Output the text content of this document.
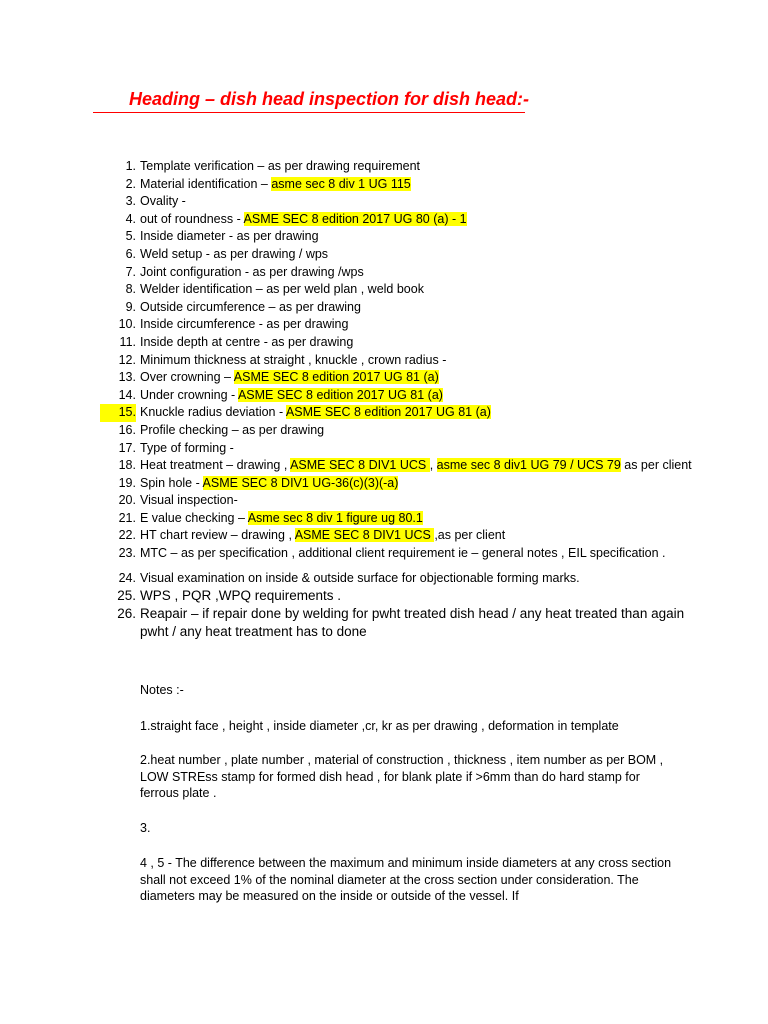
Heading – dish head inspection for dish head:-
1. Template verification – as per drawing requirement
2. Material identification – asme sec 8 div 1 UG 115
3. Ovality -
4. out of roundness - ASME SEC 8 edition 2017 UG 80 (a) - 1
5. Inside diameter - as per drawing
6. Weld setup - as per drawing / wps
7. Joint configuration - as per drawing /wps
8. Welder identification – as per weld plan , weld book
9. Outside circumference – as per drawing
10. Inside circumference - as per drawing
11. Inside depth at centre - as per drawing
12. Minimum thickness at straight , knuckle , crown radius -
13. Over crowning – ASME SEC 8 edition 2017 UG 81 (a)
14. Under crowning - ASME SEC 8 edition 2017 UG 81 (a)
15. Knuckle radius deviation - ASME SEC 8 edition 2017 UG 81 (a)
16. Profile checking – as per drawing
17. Type of forming -
18. Heat treatment – drawing , ASME SEC 8 DIV1 UCS , asme sec 8 div1 UG 79 / UCS 79 as per client
19. Spin hole - ASME SEC 8 DIV1 UG-36(c)(3)(-a)
20. Visual inspection-
21. E value checking – Asme sec 8 div 1 figure ug 80.1
22. HT chart review – drawing , ASME SEC 8 DIV1 UCS ,as per client
23. MTC – as per specification , additional client requirement ie – general notes , EIL specification .
24. Visual examination on inside & outside surface for objectionable forming marks.
25. WPS , PQR ,WPQ requirements .
26. Reapair – if repair done by welding for pwht treated dish head / any heat treated than again pwht / any heat treatment has to done

Notes :-

1.straight face , height , inside diameter ,cr, kr as per drawing , deformation in template

2.heat number , plate number , material of construction , thickness , item number as per BOM , LOW STREss stamp for formed dish head , for blank plate if >6mm than do hard stamp for ferrous plate .

3.

4 , 5 - The difference between the maximum and minimum inside diameters at any cross section shall not exceed 1% of the nominal diameter at the cross section under consideration. The diameters may be measured on the inside or outside of the vessel. If
